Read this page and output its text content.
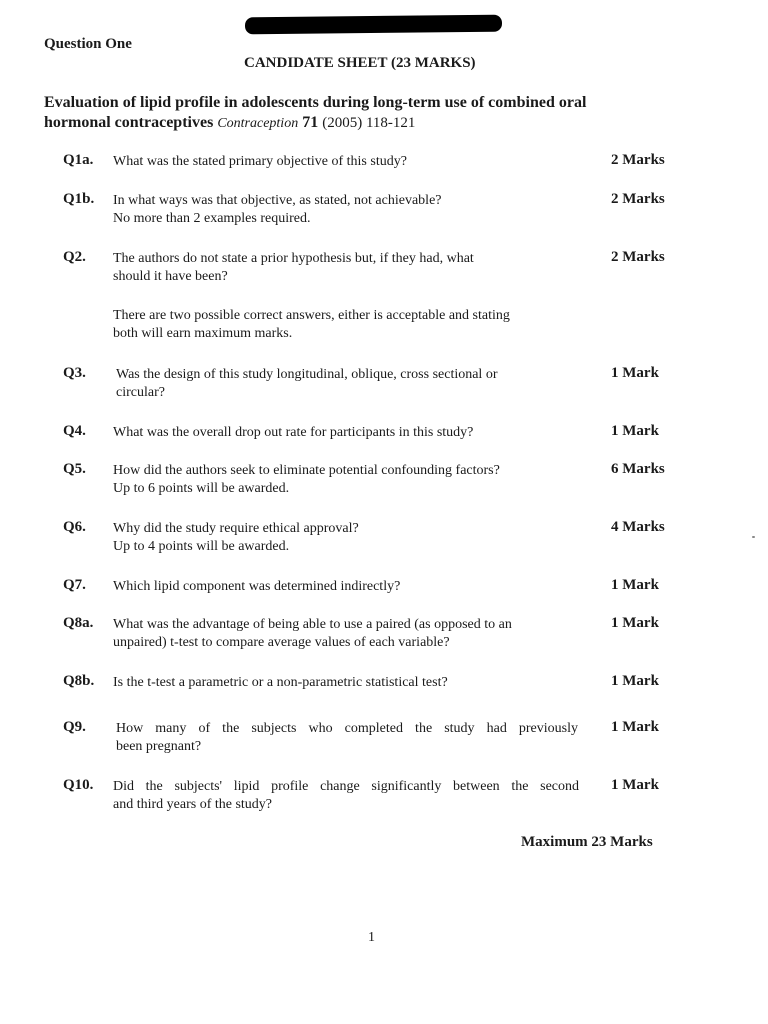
Question One
CANDIDATE SHEET (23 MARKS)
Evaluation of lipid profile in adolescents during long-term use of combined oral
hormonal contraceptives Contraception 71 (2005) 118-121
Q1a. What was the stated primary objective of this study?	2 Marks
Q1b. In what ways was that objective, as stated, not achievable?
No more than 2 examples required.
2 Marks
Q2. The authors do not state a prior hypothesis but, if they had, what
should it have been?
There are two possible correct answers, either is acceptable and stating
both will earn maximum marks.
2 Marks
Q3. Was the design of this study longitudinal, oblique, cross sectional or
circular?
1 Mark
Q4. What was the overall drop out rate for participants in this study?	1 Mark
Q5. How did the authors seek to eliminate potential confounding factors?
Up to 6 points will be awarded.
6 Marks
Q6. Why did the study require ethical approval?
Up to 4 points will be awarded.
4 Marks
Q7. Which lipid component was determined indirectly?	1 Mark
Q8a. What was the advantage of being able to use a paired (as opposed to an
unpaired) t-test to compare average values of each variable?
1 Mark
Q8b. Is the t-test a parametric or a non-parametric statistical test?	1 Mark
Q9. How many of the subjects who completed the study had previously
been pregnant?
1 Mark
Q10. Did the subjects' lipid profile change significantly between the second
and third years of the study?
1 Mark
Maximum 23 Marks
1
